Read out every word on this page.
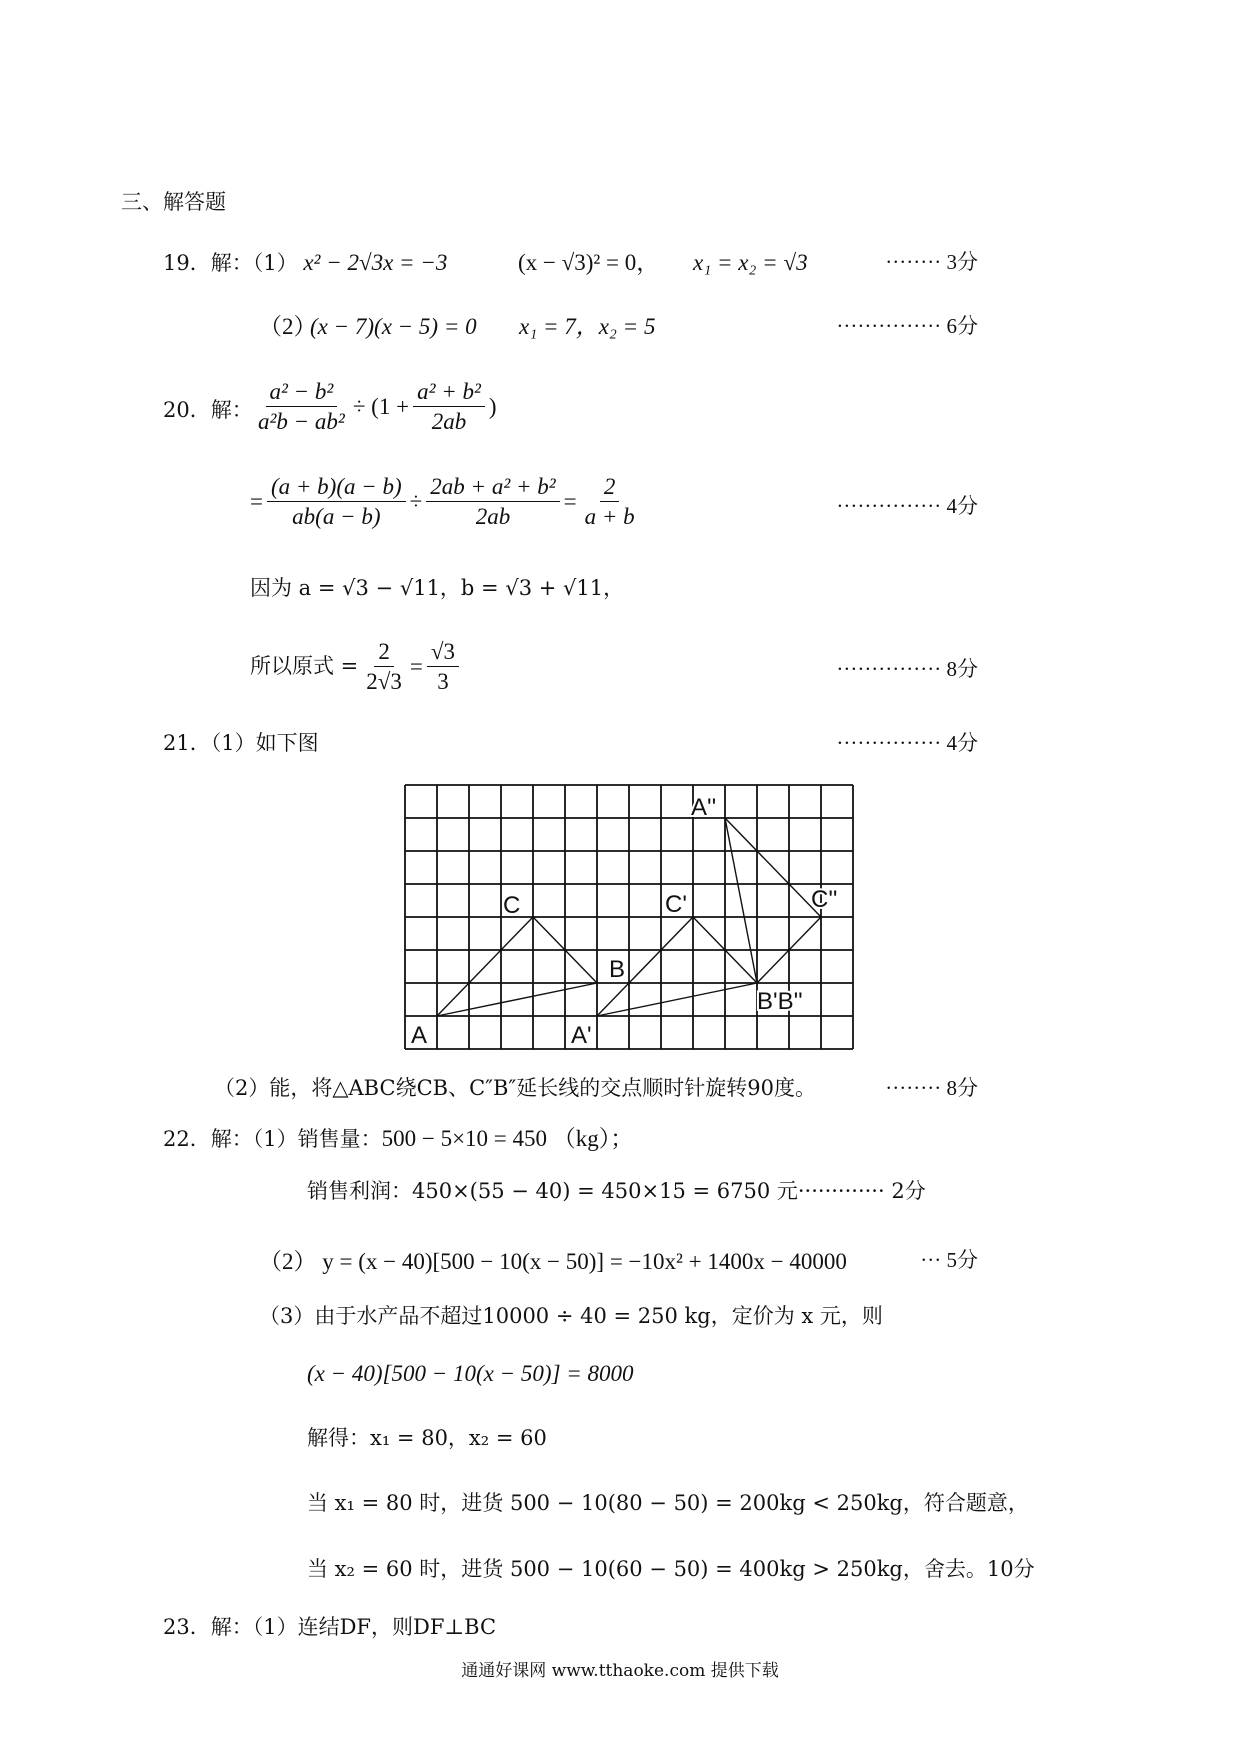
三、解答题
19．解：（1） x² − 2√3x = −3	(x − √3)² = 0， x₁ = x₂ = √3	········ 3分
（2）
(x − 7)(x − 5) = 0 x₁ = 7，x₂ = 5	··············· 6分
20．解： $\frac{\text{a² − b²}}{\text{a²b − ab²}} \div (1 + \frac{\text{a² + b²}}{2ab}$ )
= $\frac{(a + b)(a - b)}{ab(a - b)} \div \frac{\text{2ab + a² + b²}}{2ab} = \frac{2}{a + b}$	··············· 4分
因为 a = √3 − √11，b = √3 + √11，
所以原式 = $\frac{2}{2√3} = \frac{√3}{3}$	··············· 8分
21．（1）如下图	··············· 4分
A
C
B
A'
C'
B'B''
A''
C''
（2）能，将△ABC绕CB、C″B″延长线的交点顺时针旋转90度。	········ 8分
22．解：（1）销售量：500 − 5×10 = 450 （kg）；
销售利润：450×(55 − 40) = 450×15 = 6750 元············· 2分
（2） y = (x − 40)[500 − 10(x − 50)] = −10x² + 1400x − 40000	··· 5分
（3）由于水产品不超过10000 ÷ 40 = 250 kg，定价为 x 元，则
(x − 40)[500 − 10(x − 50)] = 8000
解得：x₁ = 80，x₂ = 60
当 x₁ = 80 时，进货 500 − 10(80 − 50) = 200kg < 250kg，符合题意，
当 x₂ = 60 时，进货 500 − 10(60 − 50) = 400kg > 250kg，舍去。10分
23．解：（1）连结DF，则DF⊥BC
通通好课网 www.tthaoke.com 提供下载
